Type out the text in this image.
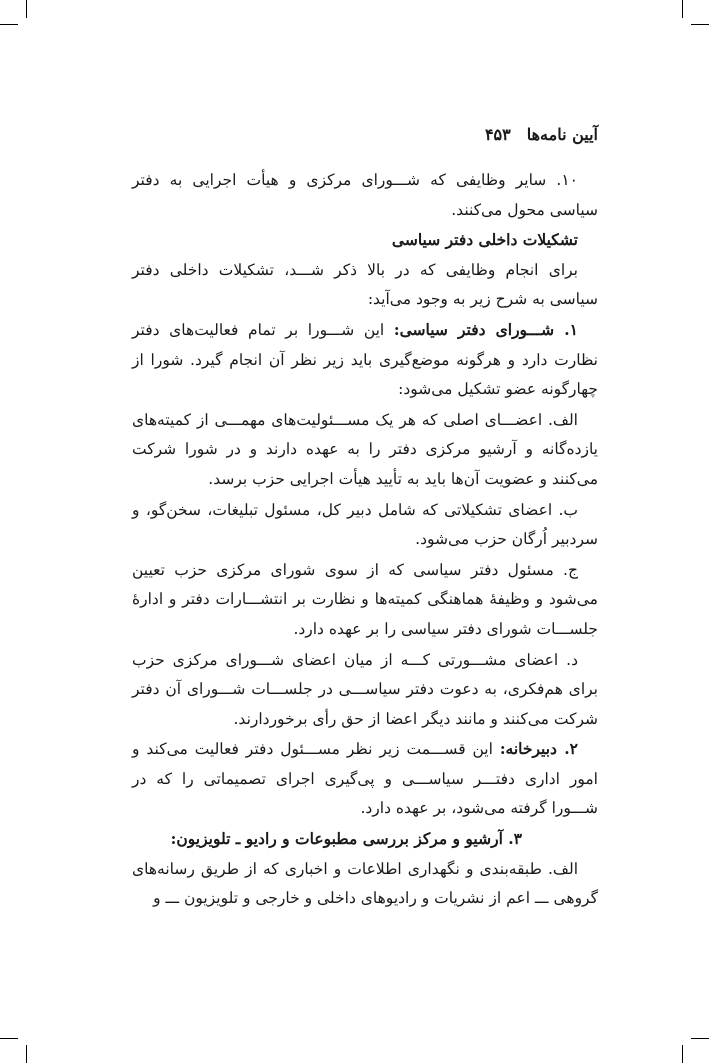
آیین نامه‌ها۴۵۳

۱۰. سایر وظایفی که شـــورای مرکزی و هیأت اجرایی به دفتر سیاسی محول می‌کنند.

تشکیلات داخلی دفتر سیاسی

برای انجام وظایفی که در بالا ذکر شـــد، تشکیلات داخلی دفتر سیاسی به شرح زیر به وجود می‌آید:

۱. شـــورای دفتر سیاسی: این شـــورا بر تمام فعالیت‌های دفتر نظارت دارد و هرگونه موضع‌گیری باید زیر نظر آن انجام گیرد. شورا از چهارگونه عضو تشکیل می‌شود:

الف. اعضـــای اصلی که هر یک مســـئولیت‌های مهمـــی از کمیته‌های یازده‌گانه و آرشیو مرکزی دفتر را به عهده دارند و در شورا شرکت می‌کنند و عضویت آن‌ها باید به تأیید هیأت اجرایی حزب برسد.

ب. اعضای تشکیلاتی که شامل دبیر کل، مسئول تبلیغات، سخن‌گو، و سردبیر اُرگان حزب می‌شود.

ج. مسئول دفتر سیاسی که از سوی شورای مرکزی حزب تعیین می‌شود و وظیفهٔ هماهنگی کمیته‌ها و نظارت بر انتشـــارات دفتر و ادارهٔ جلســـات شورای دفتر سیاسی را بر عهده دارد.

د. اعضای مشـــورتی کـــه از میان اعضای شـــورای مرکزی حزب برای هم‌فکری، به دعوت دفتر سیاســـی در جلســـات شـــورای آن دفتر شرکت می‌کنند و مانند دیگر اعضا از حق رأی برخوردارند.

۲. دبیرخانه: این قســـمت زیر نظر مســـئول دفتر فعالیت می‌کند و امور اداری دفتـــر سیاســـی و پی‌گیری اجرای تصمیماتی را که در شـــورا گرفته می‌شود، بر عهده دارد.

۳. آرشیو و مرکز بررسی مطبوعات و رادیو ـ تلویزیون:

الف. طبقه‌بندی و نگهداری اطلاعات و اخباری که از طریق رسانه‌های گروهی ـــ اعم از نشریات و رادیوهای داخلی و خارجی و تلویزیون ـــ و
